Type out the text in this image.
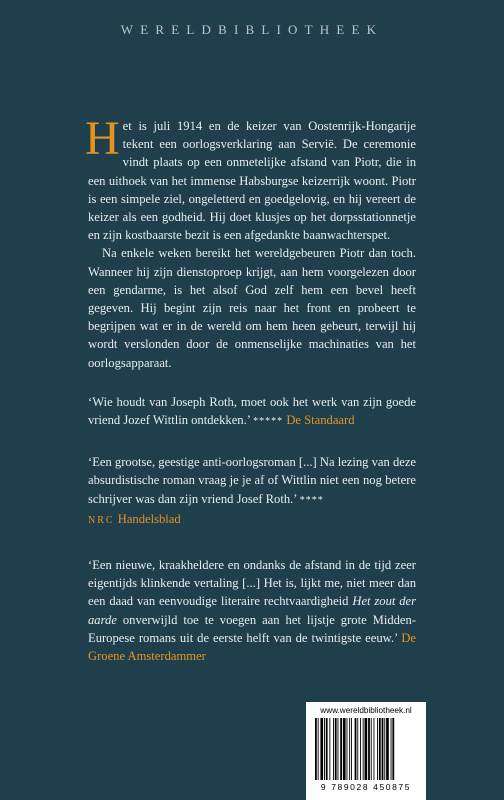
WERELDBIBLIOTHEEK

Het is juli 1914 en de keizer van Oostenrijk-Hongarije tekent een oorlogsverklaring aan Servië. De ceremonie vindt plaats op een onmetelijke afstand van Piotr, die in een uithoek van het immense Habsburgse keizerrijk woont. Piotr is een simpele ziel, ongeletterd en goedgelovig, en hij vereert de keizer als een godheid. Hij doet klusjes op het dorpsstationnetje en zijn kostbaarste bezit is een afgedankte baanwachterspet.

Na enkele weken bereikt het wereldgebeuren Piotr dan toch. Wanneer hij zijn dienstoproep krijgt, aan hem voorgelezen door een gendarme, is het alsof God zelf hem een bevel heeft gegeven. Hij begint zijn reis naar het front en probeert te begrijpen wat er in de wereld om hem heen gebeurt, terwijl hij wordt verslonden door de onmenselijke machinaties van het oorlogsapparaat.

‘Wie houdt van Joseph Roth, moet ook het werk van zijn goede vriend Jozef Wittlin ontdekken.’ ***** De Standaard

‘Een grootse, geestige anti-oorlogsroman [...] Na lezing van deze absurdistische roman vraag je je af of Wittlin niet een nog betere schrijver was dan zijn vriend Josef Roth.’ ****
NRC Handelsblad

‘Een nieuwe, kraakheldere en ondanks de afstand in de tijd zeer eigentijds klinkende vertaling [...] Het is, lijkt me, niet meer dan een daad van eenvoudige literaire rechtvaardigheid Het zout der aarde onverwijld toe te voegen aan het lijstje grote Midden-Europese romans uit de eerste helft van de twintigste eeuw.’ De Groene Amsterdammer

www.wereldbibliotheek.nl
9 789028 450875
